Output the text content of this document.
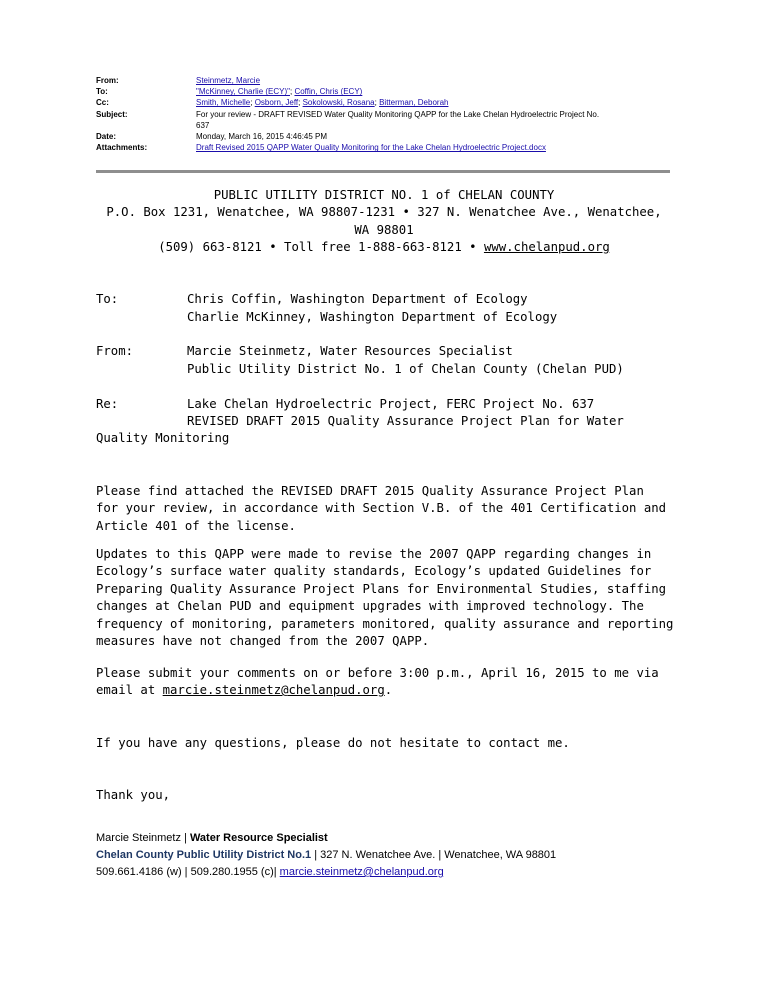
From:	Steinmetz, Marcie
To:	"McKinney, Charlie (ECY)"; Coffin, Chris (ECY)
Cc:	Smith, Michelle; Osborn, Jeff; Sokolowski, Rosana; Bitterman, Deborah
Subject:	For your review - DRAFT REVISED Water Quality Monitoring QAPP for the Lake Chelan Hydroelectric Project No.
637
Date:	Monday, March 16, 2015 4:46:45 PM
Attachments:	Draft Revised 2015 QAPP Water Quality Monitoring for the Lake Chelan Hydroelectric Project.docx
PUBLIC UTILITY DISTRICT NO. 1 of CHELAN COUNTY
P.O. Box 1231, Wenatchee, WA 98807-1231 • 327 N. Wenatchee Ave., Wenatchee,
WA 98801
(509) 663-8121 • Toll free 1-888-663-8121 • www.chelanpud.org
To:	Chris Coffin, Washington Department of Ecology
Charlie McKinney, Washington Department of Ecology
From:	Marcie Steinmetz, Water Resources Specialist
Public Utility District No. 1 of Chelan County (Chelan PUD)
Re:	Lake Chelan Hydroelectric Project, FERC Project No. 637
REVISED DRAFT 2015 Quality Assurance Project Plan for Water
Quality Monitoring
Please find attached the REVISED DRAFT 2015 Quality Assurance Project Plan
for your review, in accordance with Section V.B. of the 401 Certification and
Article 401 of the license.
Updates to this QAPP were made to revise the 2007 QAPP regarding changes in
Ecology’s surface water quality standards, Ecology’s updated Guidelines for
Preparing Quality Assurance Project Plans for Environmental Studies, staffing
changes at Chelan PUD and equipment upgrades with improved technology. The
frequency of monitoring, parameters monitored, quality assurance and reporting
measures have not changed from the 2007 QAPP.
Please submit your comments on or before 3:00 p.m., April 16, 2015 to me via
email at marcie.steinmetz@chelanpud.org.
If you have any questions, please do not hesitate to contact me.
Thank you,
Marcie Steinmetz | Water Resource Specialist
Chelan County Public Utility District No.1 | 327 N. Wenatchee Ave. | Wenatchee, WA 98801
509.661.4186 (w) | 509.280.1955 (c)| marcie.steinmetz@chelanpud.org
